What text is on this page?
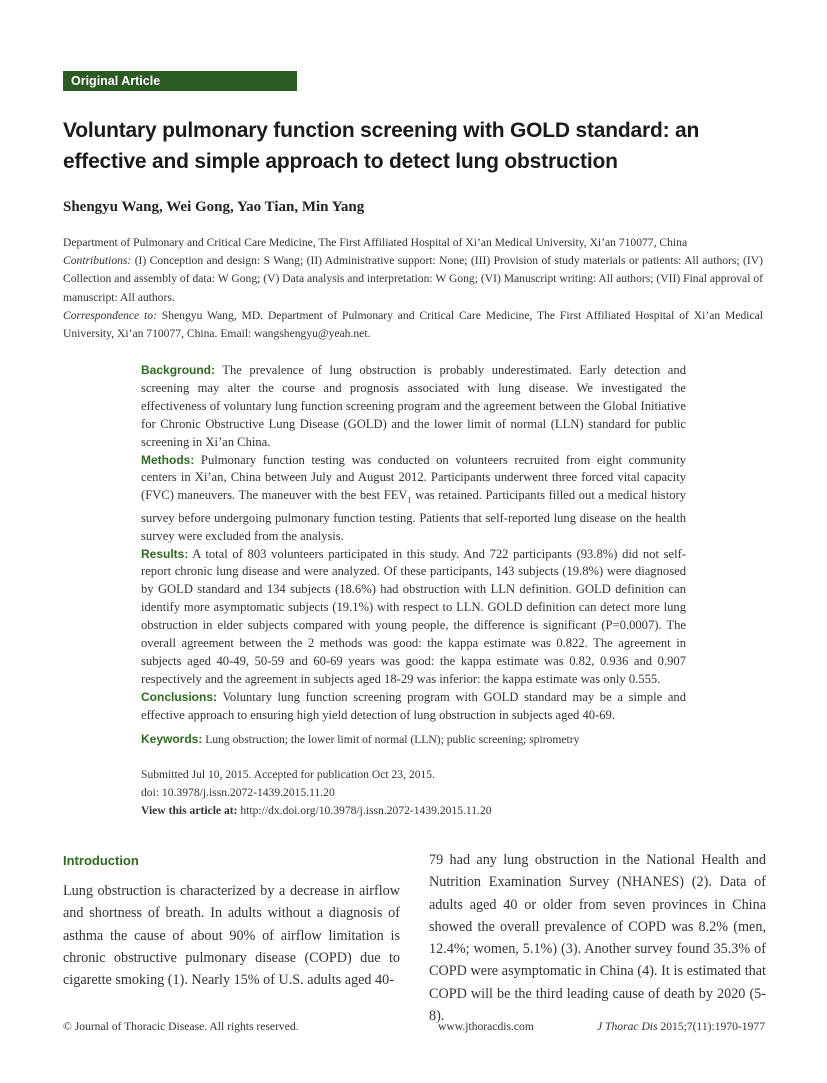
Original Article
Voluntary pulmonary function screening with GOLD standard: an effective and simple approach to detect lung obstruction
Shengyu Wang, Wei Gong, Yao Tian, Min Yang

Department of Pulmonary and Critical Care Medicine, The First Affiliated Hospital of Xi’an Medical University, Xi’an 710077, China

Contributions: (I) Conception and design: S Wang; (II) Administrative support: None; (III) Provision of study materials or patients: All authors; (IV) Collection and assembly of data: W Gong; (V) Data analysis and interpretation: W Gong; (VI) Manuscript writing: All authors; (VII) Final approval of manuscript: All authors.

Correspondence to: Shengyu Wang, MD. Department of Pulmonary and Critical Care Medicine, The First Affiliated Hospital of Xi’an Medical University, Xi’an 710077, China. Email: wangshengyu@yeah.net.

Background: The prevalence of lung obstruction is probably underestimated. Early detection and screening may alter the course and prognosis associated with lung disease. We investigated the effectiveness of voluntary lung function screening program and the agreement between the Global Initiative for Chronic Obstructive Lung Disease (GOLD) and the lower limit of normal (LLN) standard for public screening in Xi’an China.

Methods: Pulmonary function testing was conducted on volunteers recruited from eight community centers in Xi’an, China between July and August 2012. Participants underwent three forced vital capacity (FVC) maneuvers. The maneuver with the best $FEV_1$ was retained. Participants filled out a medical history survey before undergoing pulmonary function testing. Patients that self-reported lung disease on the health survey were excluded from the analysis.

Results: A total of 803 volunteers participated in this study. And 722 participants (93.8%) did not self-report chronic lung disease and were analyzed. Of these participants, 143 subjects (19.8%) were diagnosed by GOLD standard and 134 subjects (18.6%) had obstruction with LLN definition. GOLD definition can identify more asymptomatic subjects (19.1%) with respect to LLN. GOLD definition can detect more lung obstruction in elder subjects compared with young people, the difference is significant (P=0.0007). The overall agreement between the 2 methods was good: the kappa estimate was 0.822. The agreement in subjects aged 40-49, 50-59 and 60-69 years was good: the kappa estimate was 0.82, 0.936 and 0.907 respectively and the agreement in subjects aged 18-29 was inferior: the kappa estimate was only 0.555.

Conclusions: Voluntary lung function screening program with GOLD standard may be a simple and effective approach to ensuring high yield detection of lung obstruction in subjects aged 40-69.

Keywords: Lung obstruction; the lower limit of normal (LLN); public screening; spirometry

Submitted Jul 10, 2015. Accepted for publication Oct 23, 2015.

doi: 10.3978/j.issn.2072-1439.2015.11.20

View this article at: http://dx.doi.org/10.3978/j.issn.2072-1439.2015.11.20

Introduction
Lung obstruction is characterized by a decrease in airflow and shortness of breath. In adults without a diagnosis of asthma the cause of about 90% of airflow limitation is chronic obstructive pulmonary disease (COPD) due to cigarette smoking (1). Nearly 15% of U.S. adults aged 40-
79 had any lung obstruction in the National Health and Nutrition Examination Survey (NHANES) (2). Data of adults aged 40 or older from seven provinces in China showed the overall prevalence of COPD was 8.2% (men, 12.4%; women, 5.1%) (3). Another survey found 35.3% of COPD were asymptomatic in China (4). It is estimated that COPD will be the third leading cause of death by 2020 (5-8).
© Journal of Thoracic Disease. All rights reserved.	www.jthoracdis.com	J Thorac Dis 2015;7(11):1970-1977
